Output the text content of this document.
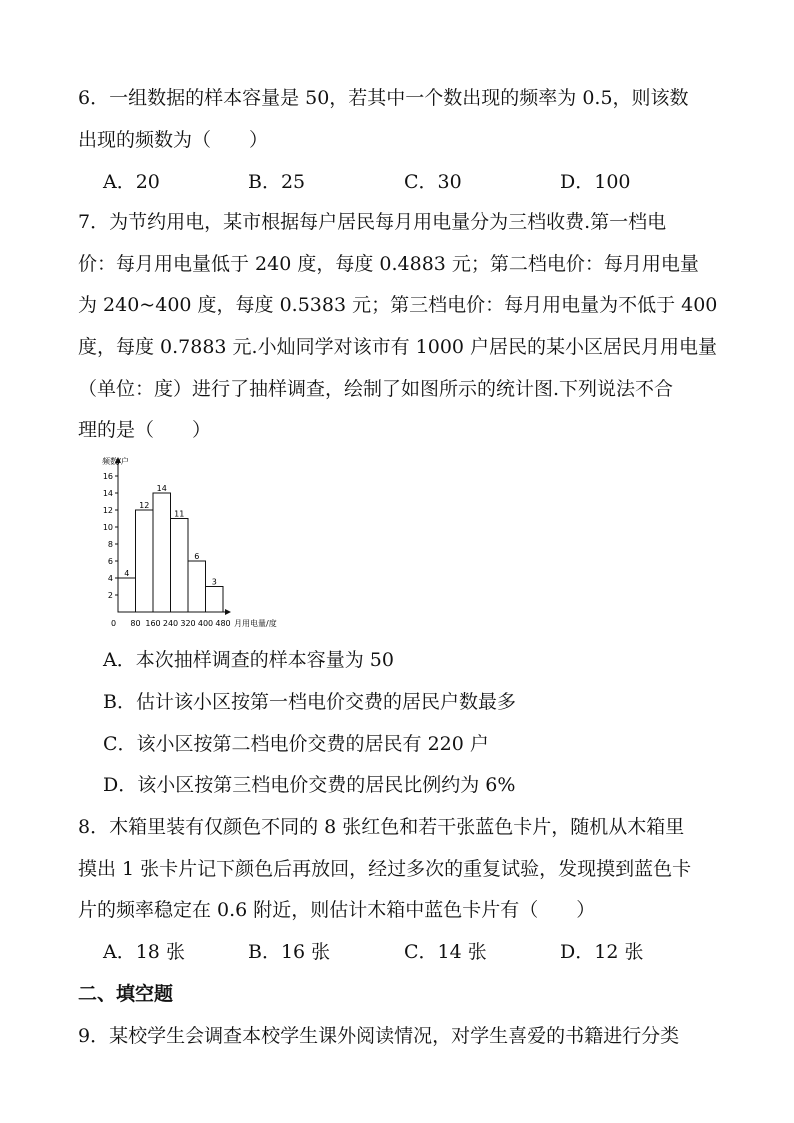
6．一组数据的样本容量是 50，若其中一个数出现的频率为 0.5，则该数
出现的频数为（　　）
A．20	B．25	C．30	D．100
7．为节约用电，某市根据每户居民每月用电量分为三档收费.第一档电
价：每月用电量低于 240 度，每度 0.4883 元；第二档电价：每月用电量
为 240~400 度，每度 0.5383 元；第三档电价：每月用电量为不低于 400
度，每度 0.7883 元.小灿同学对该市有 1000 户居民的某小区居民月用电量
（单位：度）进行了抽样调查，绘制了如图所示的统计图.下列说法不合
理的是（　　）
频数/户
月用电量/度
0
2
4
6
8
10
12
14
16
4
12
14
11
6
3
80 160 240 320 400 480
A．本次抽样调查的样本容量为 50
B．估计该小区按第一档电价交费的居民户数最多
C．该小区按第二档电价交费的居民有 220 户
D．该小区按第三档电价交费的居民比例约为 6%
8．木箱里装有仅颜色不同的 8 张红色和若干张蓝色卡片，随机从木箱里
摸出 1 张卡片记下颜色后再放回，经过多次的重复试验，发现摸到蓝色卡
片的频率稳定在 0.6 附近，则估计木箱中蓝色卡片有（　　）
A．18 张	B．16 张	C．14 张	D．12 张
二、填空题
9．某校学生会调查本校学生课外阅读情况，对学生喜爱的书籍进行分类
